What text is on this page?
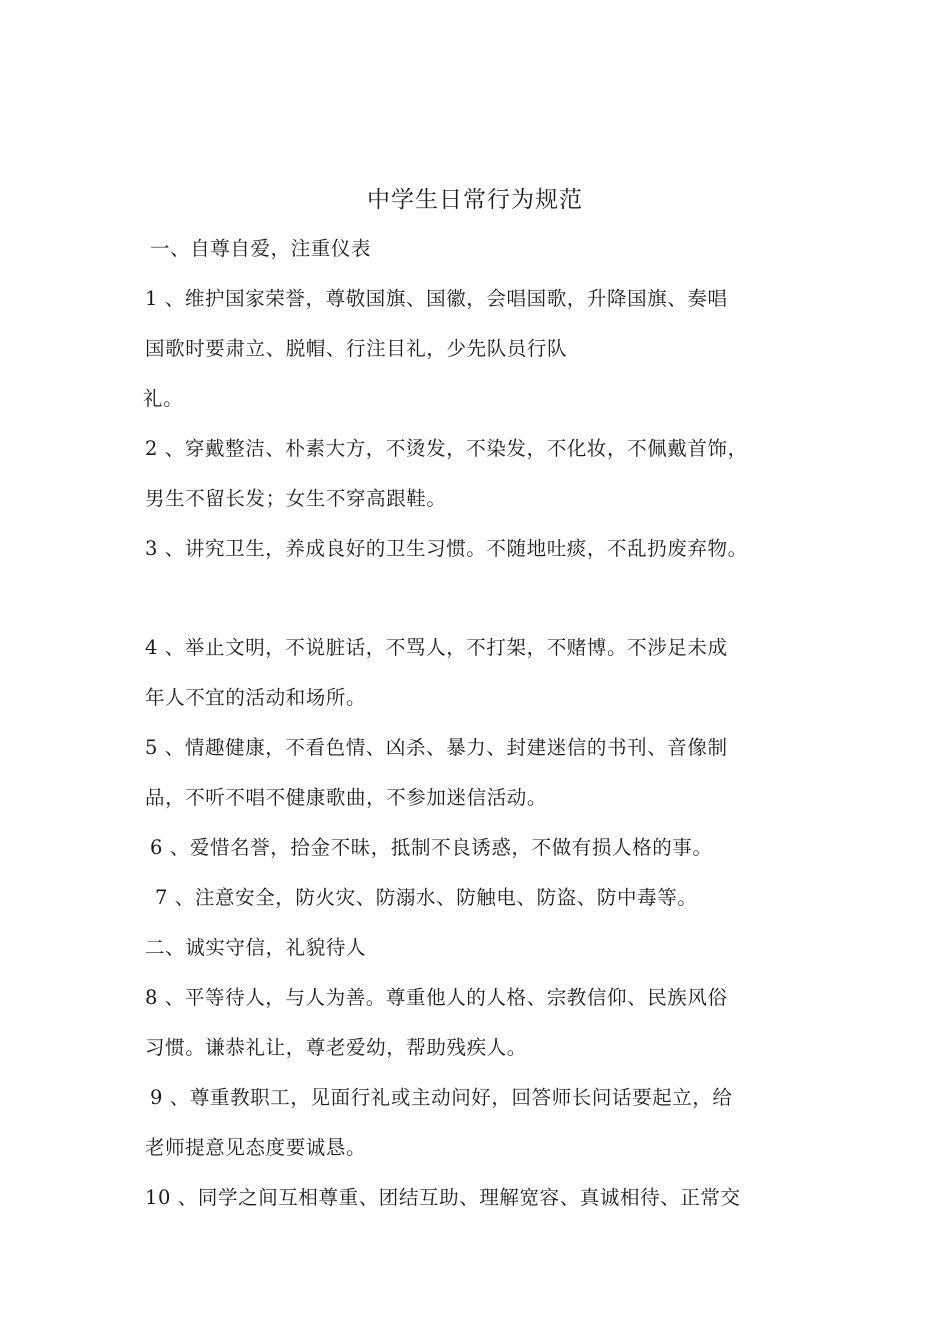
中学生日常行为规范
一、自尊自爱，注重仪表
1 、维护国家荣誉，尊敬国旗、国徽，会唱国歌，升降国旗、奏唱
国歌时要肃立、脱帽、行注目礼，少先队员行队
礼。
2 、穿戴整洁、朴素大方，不烫发，不染发，不化妆，不佩戴首饰，
男生不留长发；女生不穿高跟鞋。
3 、讲究卫生，养成良好的卫生习惯。不随地吐痰，不乱扔废弃物。
4 、举止文明，不说脏话，不骂人，不打架，不赌博。不涉足未成
年人不宜的活动和场所。
5 、情趣健康，不看色情、凶杀、暴力、封建迷信的书刊、音像制
品，不听不唱不健康歌曲，不参加迷信活动。
6 、爱惜名誉，拾金不昧，抵制不良诱惑，不做有损人格的事。
7 、注意安全，防火灾、防溺水、防触电、防盗、防中毒等。
二、诚实守信，礼貌待人
8 、平等待人，与人为善。尊重他人的人格、宗教信仰、民族风俗
习惯。谦恭礼让，尊老爱幼，帮助残疾人。
9 、尊重教职工，见面行礼或主动问好，回答师长问话要起立，给
老师提意见态度要诚恳。
10 、同学之间互相尊重、团结互助、理解宽容、真诚相待、正常交
